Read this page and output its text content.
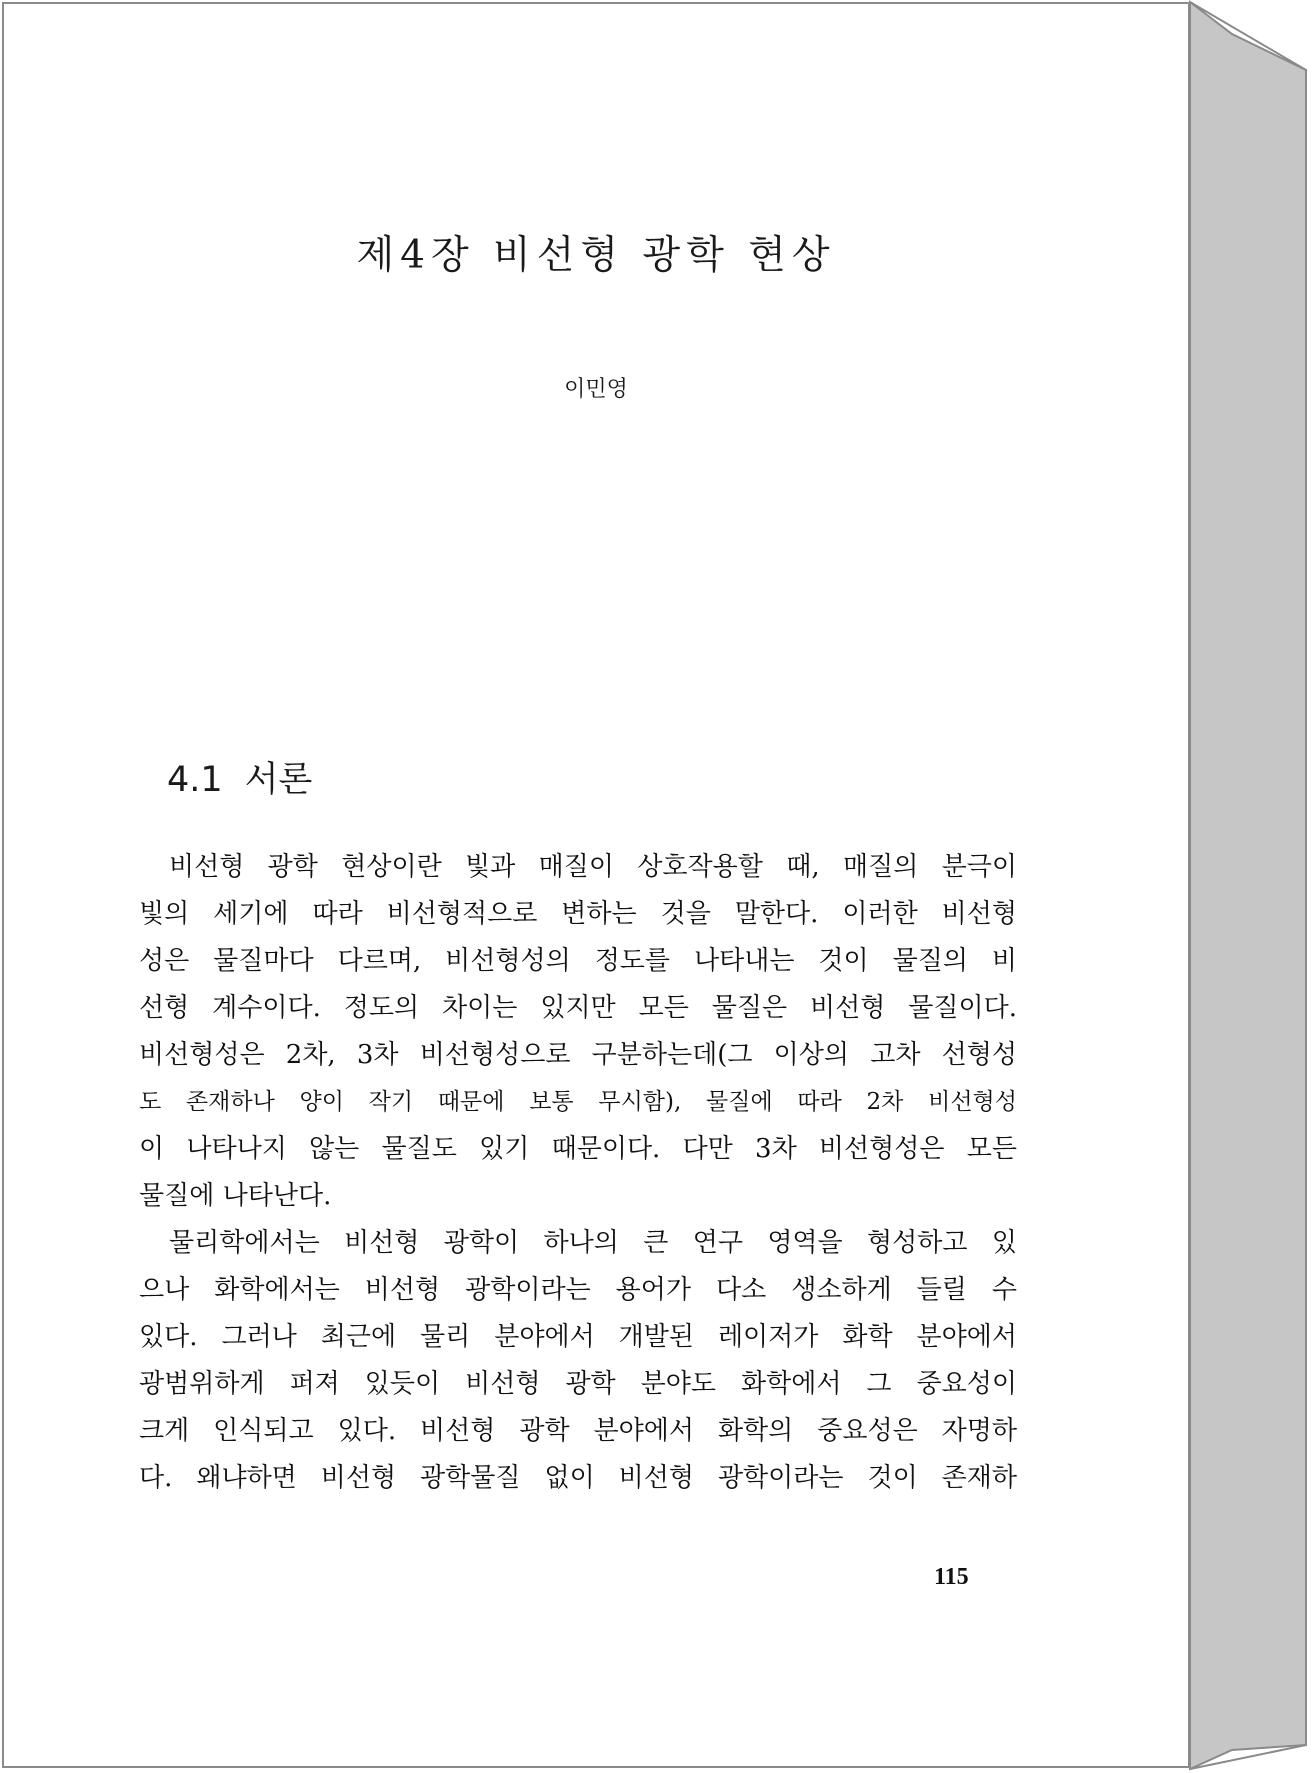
제4장 비선형 광학 현상

이민영

4.1 서론
비선형 광학 현상이란 빛과 매질이 상호작용할 때, 매질의 분극이
빛의 세기에 따라 비선형적으로 변하는 것을 말한다. 이러한 비선형
성은 물질마다 다르며, 비선형성의 정도를 나타내는 것이 물질의 비
선형 계수이다. 정도의 차이는 있지만 모든 물질은 비선형 물질이다.
비선형성은 2차, 3차 비선형성으로 구분하는데(그 이상의 고차 선형성
도 존재하나 양이 작기 때문에 보통 무시함), 물질에 따라 2차 비선형성
이 나타나지 않는 물질도 있기 때문이다. 다만 3차 비선형성은 모든
물질에 나타난다.
물리학에서는 비선형 광학이 하나의 큰 연구 영역을 형성하고 있
으나 화학에서는 비선형 광학이라는 용어가 다소 생소하게 들릴 수
있다. 그러나 최근에 물리 분야에서 개발된 레이저가 화학 분야에서
광범위하게 퍼져 있듯이 비선형 광학 분야도 화학에서 그 중요성이
크게 인식되고 있다. 비선형 광학 분야에서 화학의 중요성은 자명하
다. 왜냐하면 비선형 광학물질 없이 비선형 광학이라는 것이 존재하

115
